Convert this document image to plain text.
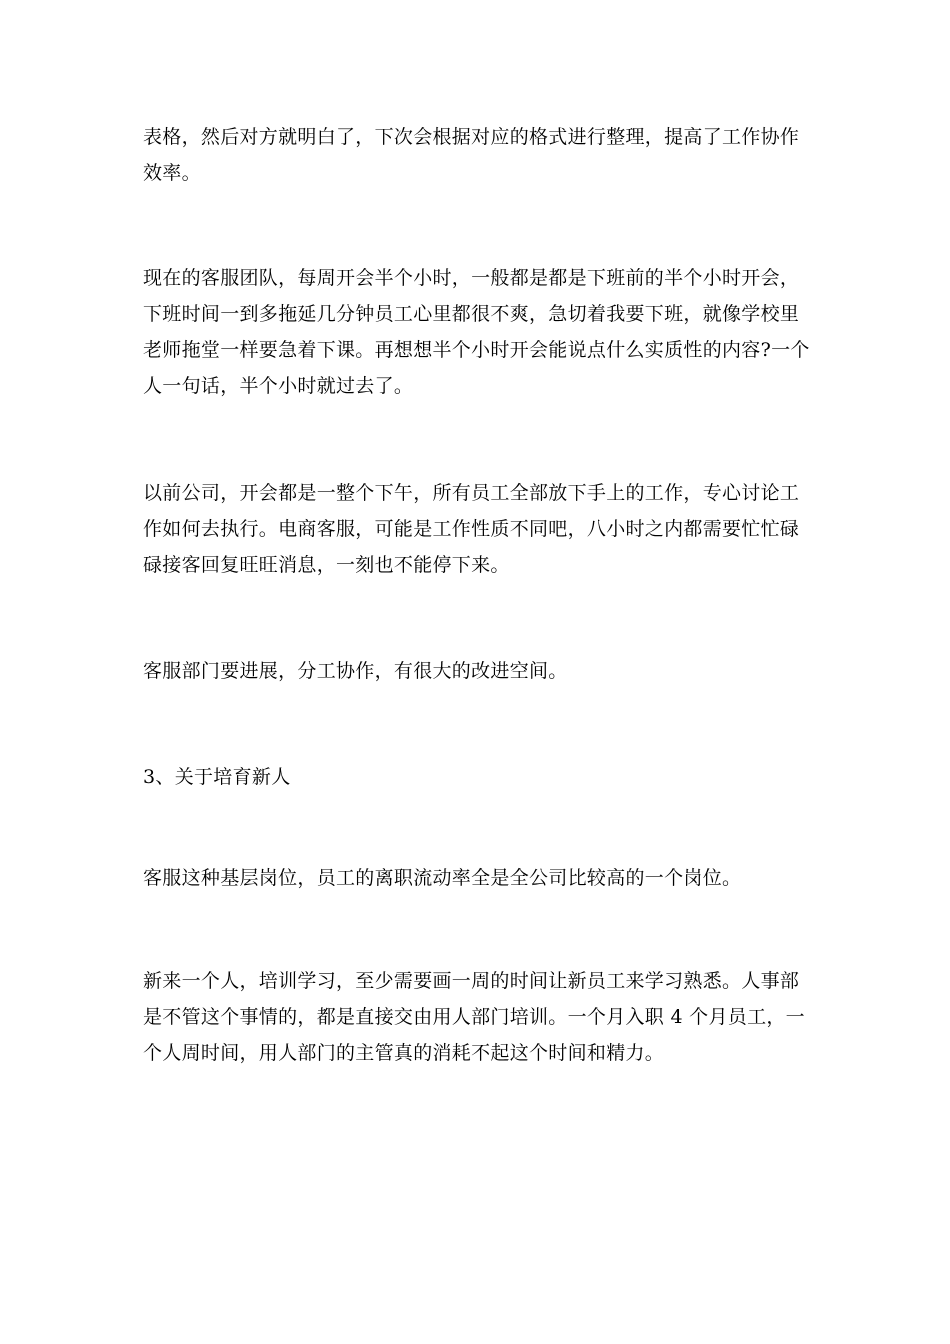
表格，然后对方就明白了，下次会根据对应的格式进行整理，提高了工作协作
效率。

现在的客服团队，每周开会半个小时，一般都是都是下班前的半个小时开会，
下班时间一到多拖延几分钟员工心里都很不爽，急切着我要下班，就像学校里
老师拖堂一样要急着下课。再想想半个小时开会能说点什么实质性的内容?一个
人一句话，半个小时就过去了。

以前公司，开会都是一整个下午，所有员工全部放下手上的工作，专心讨论工
作如何去执行。电商客服，可能是工作性质不同吧，八小时之内都需要忙忙碌
碌接客回复旺旺消息，一刻也不能停下来。

客服部门要进展，分工协作，有很大的改进空间。

3、关于培育新人

客服这种基层岗位，员工的离职流动率全是全公司比较高的一个岗位。

新来一个人，培训学习，至少需要画一周的时间让新员工来学习熟悉。人事部
是不管这个事情的，都是直接交由用人部门培训。一个月入职 4 个月员工，一
个人周时间，用人部门的主管真的消耗不起这个时间和精力。
